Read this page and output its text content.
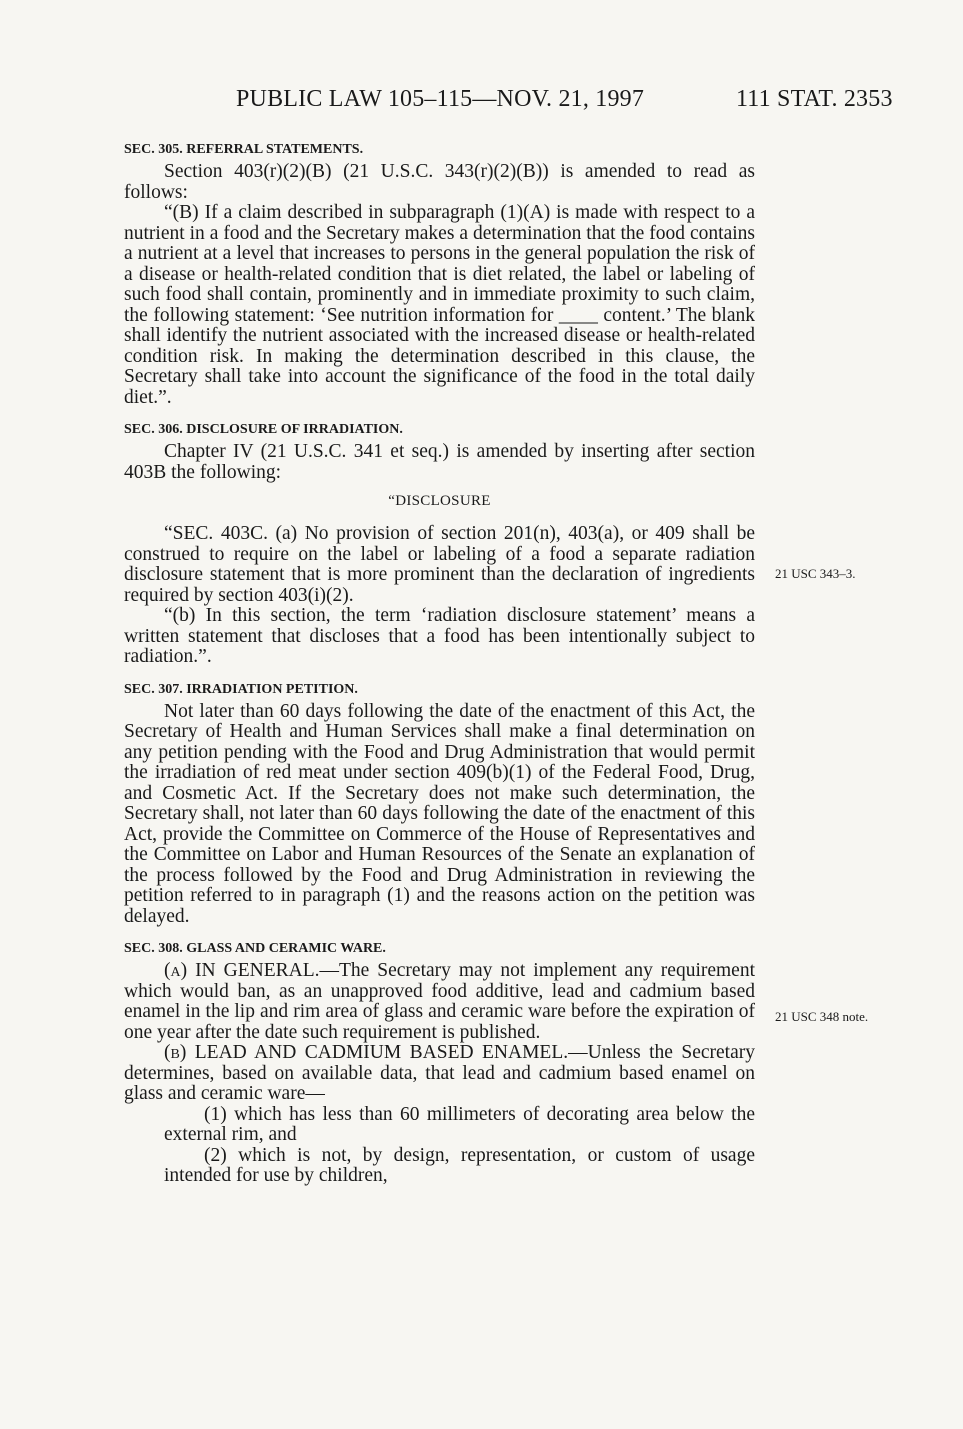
PUBLIC LAW 105–115—NOV. 21, 1997	111 STAT. 2353
21 USC 343–3.
21 USC 348 note.
SEC. 305. REFERRAL STATEMENTS.

Section 403(r)(2)(B) (21 U.S.C. 343(r)(2)(B)) is amended to read as follows:

“(B) If a claim described in subparagraph (1)(A) is made with respect to a nutrient in a food and the Secretary makes a determination that the food contains a nutrient at a level that increases to persons in the general population the risk of a disease or health-related condition that is diet related, the label or labeling of such food shall contain, prominently and in immediate proximity to such claim, the following statement: ‘See nutrition information for ____ content.’ The blank shall identify the nutrient associated with the increased disease or health-related condition risk. In making the determination described in this clause, the Secretary shall take into account the significance of the food in the total daily diet.”.

SEC. 306. DISCLOSURE OF IRRADIATION.

Chapter IV (21 U.S.C. 341 et seq.) is amended by inserting after section 403B the following:

“DISCLOSURE

“SEC. 403C. (a) No provision of section 201(n), 403(a), or 409 shall be construed to require on the label or labeling of a food a separate radiation disclosure statement that is more prominent than the declaration of ingredients required by section 403(i)(2).

“(b) In this section, the term ‘radiation disclosure statement’ means a written statement that discloses that a food has been intentionally subject to radiation.”.

SEC. 307. IRRADIATION PETITION.

Not later than 60 days following the date of the enactment of this Act, the Secretary of Health and Human Services shall make a final determination on any petition pending with the Food and Drug Administration that would permit the irradiation of red meat under section 409(b)(1) of the Federal Food, Drug, and Cosmetic Act. If the Secretary does not make such determination, the Secretary shall, not later than 60 days following the date of the enactment of this Act, provide the Committee on Commerce of the House of Representatives and the Committee on Labor and Human Resources of the Senate an explanation of the process followed by the Food and Drug Administration in reviewing the petition referred to in paragraph (1) and the reasons action on the petition was delayed.

SEC. 308. GLASS AND CERAMIC WARE.

(a) IN GENERAL.—The Secretary may not implement any requirement which would ban, as an unapproved food additive, lead and cadmium based enamel in the lip and rim area of glass and ceramic ware before the expiration of one year after the date such requirement is published.

(b) LEAD AND CADMIUM BASED ENAMEL.—Unless the Secretary determines, based on available data, that lead and cadmium based enamel on glass and ceramic ware—

(1) which has less than 60 millimeters of decorating area below the external rim, and

(2) which is not, by design, representation, or custom of usage intended for use by children,
